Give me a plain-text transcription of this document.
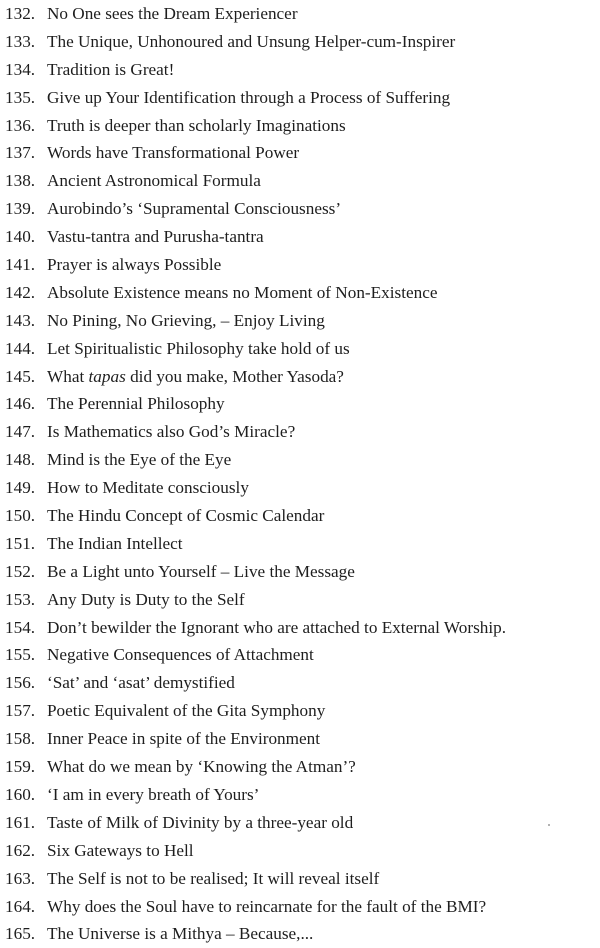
132. No One sees the Dream Experiencer
133. The Unique, Unhonoured and Unsung Helper-cum-Inspirer
134. Tradition is Great!
135. Give up Your Identification through a Process of Suffering
136. Truth is deeper than scholarly Imaginations
137. Words have Transformational Power
138. Ancient Astronomical Formula
139. Aurobindo’s ‘Supramental Consciousness’
140. Vastu-tantra and Purusha-tantra
141. Prayer is always Possible
142. Absolute Existence means no Moment of Non-Existence
143. No Pining, No Grieving, – Enjoy Living
144. Let Spiritualistic Philosophy take hold of us
145. What tapas did you make, Mother Yasoda?
146. The Perennial Philosophy
147. Is Mathematics also God’s Miracle?
148. Mind is the Eye of the Eye
149. How to Meditate consciously
150. The Hindu Concept of Cosmic Calendar
151. The Indian Intellect
152. Be a Light unto Yourself – Live the Message
153. Any Duty is Duty to the Self
154. Don’t bewilder the Ignorant who are attached to External Worship.
155. Negative Consequences of Attachment
156. ‘Sat’ and ‘asat’ demystified
157. Poetic Equivalent of the Gita Symphony
158. Inner Peace in spite of the Environment
159. What do we mean by ‘Knowing the Atman’?
160. ‘I am in every breath of Yours’
161. Taste of Milk of Divinity by a three-year old
162. Six Gateways to Hell
163. The Self is not to be realised; It will reveal itself
164. Why does the Soul have to reincarnate for the fault of the BMI?
165. The Universe is a Mithya – Because,...
